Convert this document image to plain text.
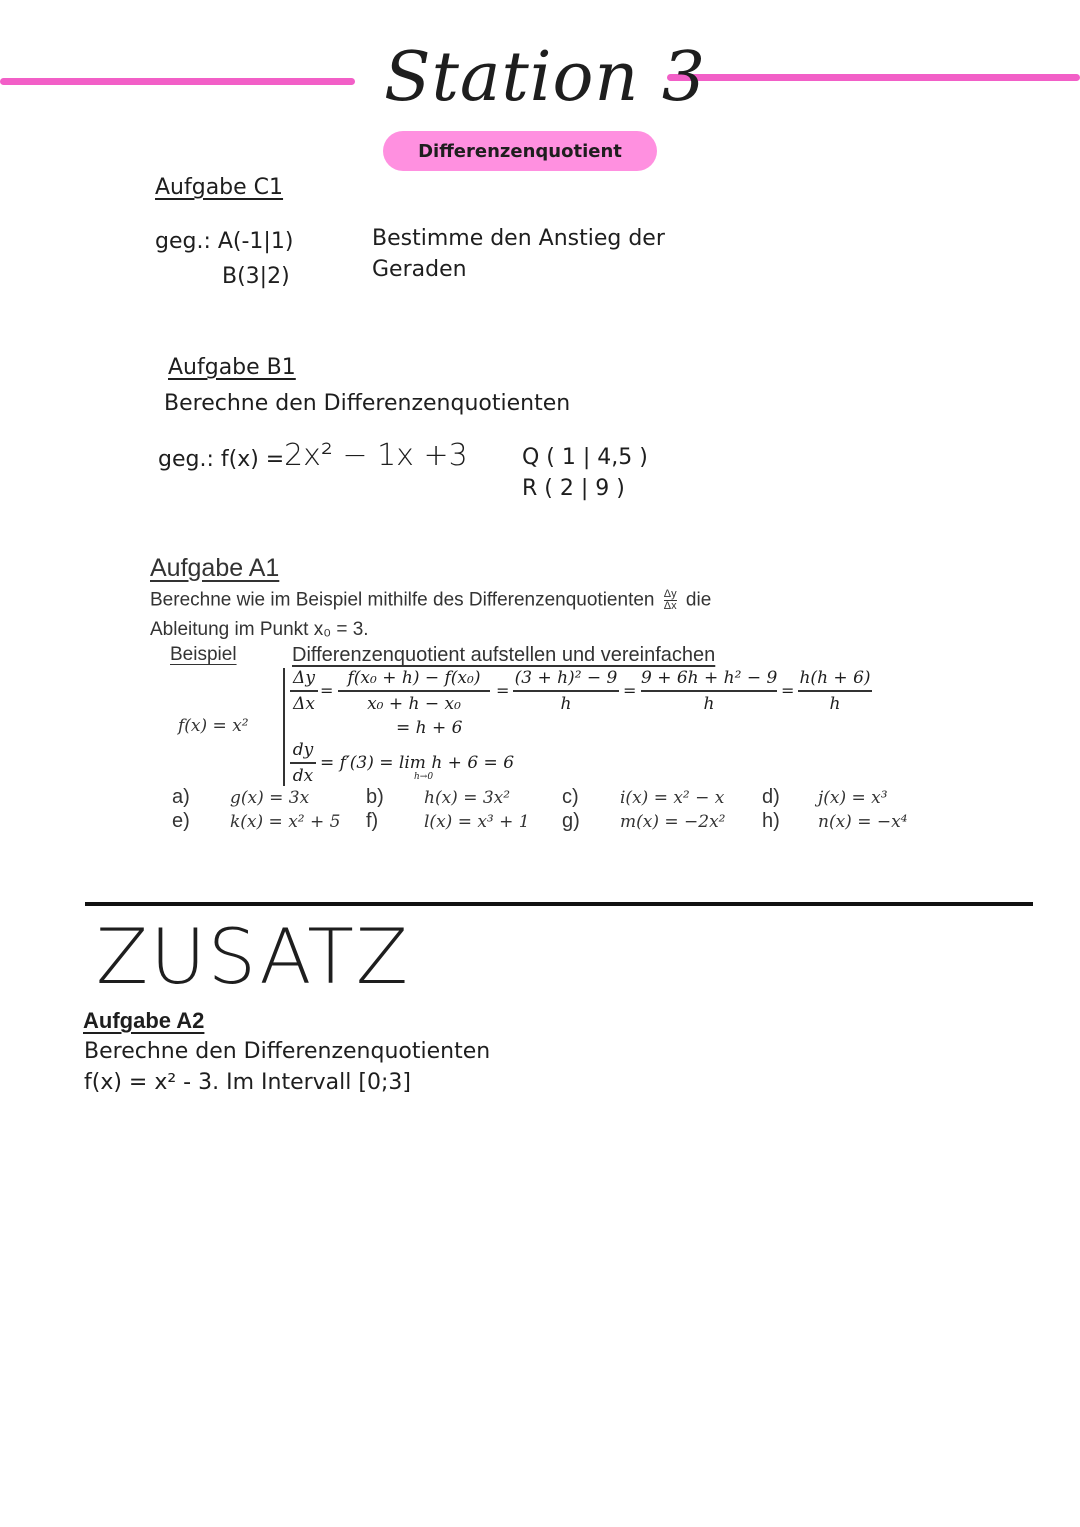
Station 3
Differenzenquotient
Aufgabe C1
geg.: A(-1|1)
B(3|2)
Bestimme den Anstieg der
Geraden
Aufgabe B1
Berechne den Differenzenquotienten
geg.: f(x) = 2x² − 1x +3 Q ( 1 | 4,5 )
R ( 2 | 9 )
Aufgabe A1
Berechne wie im Beispiel mithilfe des Differenzenquotienten $\frac{\Delta y}{\Delta x}$ die
Ableitung im Punkt x₀ = 3.
Beispiel	Differenzenquotient aufstellen und vereinfachen
f(x) = x²
Δy
Δx
=
f(x₀ + h) − f(x₀)
x₀ + h − x₀
=
(3 + h)² − 9
h
=
9 + 6h + h² − 9
h
=
h(h + 6)
h
= h + 6
dy
dx
= f′(3) = lim h + 6 = 6
h→0
a) g(x) = 3x	b) h(x) = 3x²	c) i(x) = x² − x d) j(x) = x³
e) k(x) = x² + 5 f)	l(x) = x³ + 1 g) m(x) = −2x² h) n(x) = −x⁴
ZUSATZ
Aufgabe A2
Berechne den Differenzenquotienten
f(x) = x² - 3. Im Intervall [0;3]
